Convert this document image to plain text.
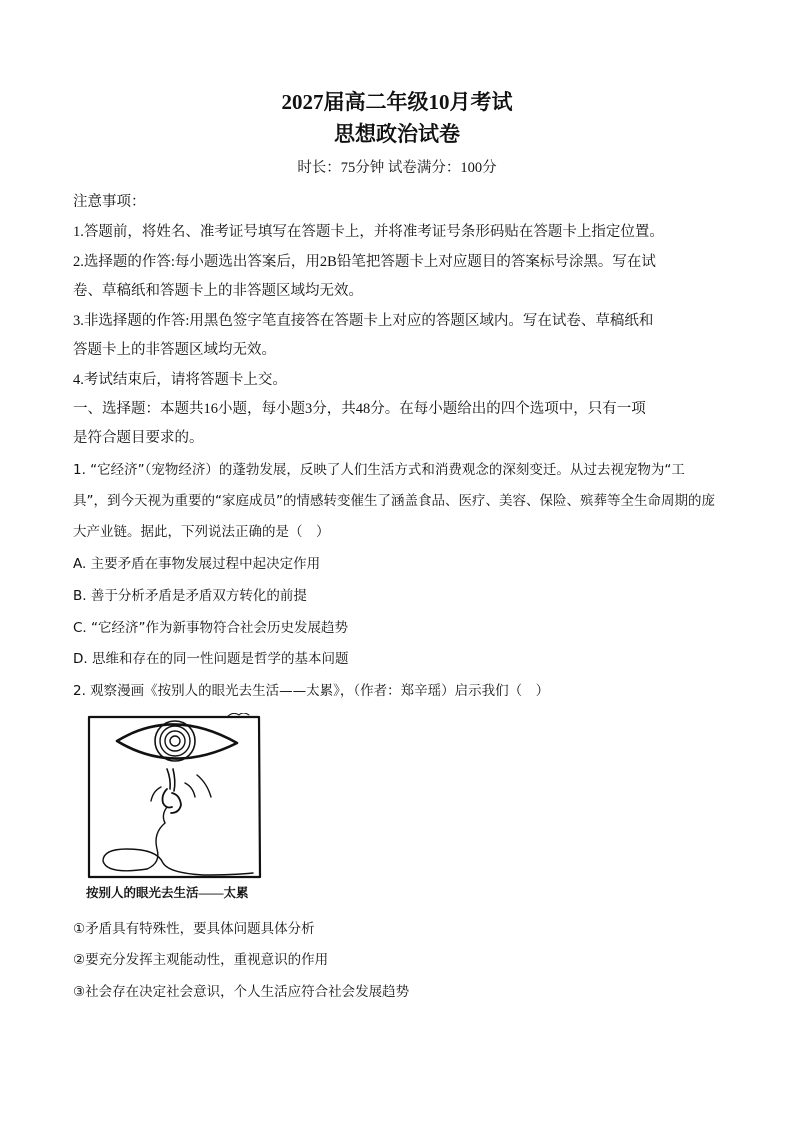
2027届高二年级10月考试
思想政治试卷
时长：75分钟 试卷满分：100分
注意事项：
1.答题前，将姓名、准考证号填写在答题卡上，并将准考证号条形码贴在答题卡上指定位置。
2.选择题的作答:每小题选出答案后，用2B铅笔把答题卡上对应题目的答案标号涂黑。写在试
卷、草稿纸和答题卡上的非答题区域均无效。
3.非选择题的作答:用黑色签字笔直接答在答题卡上对应的答题区域内。写在试卷、草稿纸和
答题卡上的非答题区域均无效。
4.考试结束后，请将答题卡上交。
一、选择题：本题共16小题，每小题3分，共48分。在每小题给出的四个选项中，只有一项
是符合题目要求的。
1. “它经济”（宠物经济）的蓬勃发展，反映了人们生活方式和消费观念的深刻变迁。从过去视宠物为“工
具”，到今天视为重要的“家庭成员”的情感转变催生了涵盖食品、医疗、美容、保险、殡葬等全生命周期的庞
大产业链。据此，下列说法正确的是（　）
A. 主要矛盾在事物发展过程中起决定作用
B. 善于分析矛盾是矛盾双方转化的前提
C. “它经济”作为新事物符合社会历史发展趋势
D. 思维和存在的同一性问题是哲学的基本问题
2. 观察漫画《按别人的眼光去生活——太累》，（作者：郑辛瑶）启示我们（　）
按别人的眼光去生活——太累
①矛盾具有特殊性，要具体问题具体分析
②要充分发挥主观能动性，重视意识的作用
③社会存在决定社会意识，个人生活应符合社会发展趋势
